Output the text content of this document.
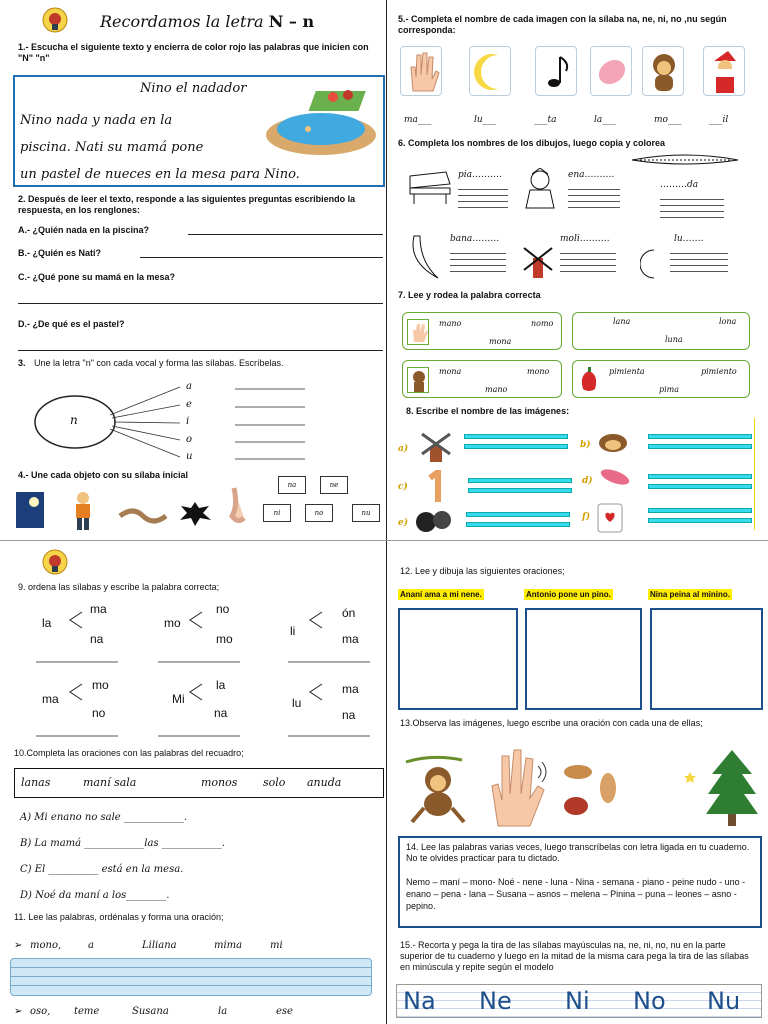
Recordamos la letra N – n
1.- Escucha el siguiente texto y encierra de color rojo las palabras que inicien con "N" "n"
Nino el nadador
Nino nada y nada en la
piscina. Nati su mamá pone
un pastel de nueces en la mesa para Nino.
2. Después de leer el texto, responde a las siguientes preguntas escribiendo la respuesta, en los renglones:
A.- ¿Quién nada en la piscina?
B.- ¿Quién es Nati?
C.- ¿Qué pone su mamá en la mesa?
D.- ¿De qué es el pastel?
3. Une la letra "n" con cada vocal y forma las sílabas. Escríbelas.
n
a
e
i
o
u
4.- Une cada objeto con su sílaba inicial
na	ne
ni	no	nu
5.- Completa el nombre de cada imagen con la sílaba na, ne, ni, no ,nu según corresponda:
ma___	lu___	___ta	la___	mo___	___il
6. Completa los nombres de los dibujos, luego copia y colorea
pia……….	ena……….
………da
bana………	moli……….	lu…….
7. Lee y rodea la palabra correcta
mano	nomo
mona
lana	lona
luna
mona	mono
mano
pimienta	pimiento
pima
8. Escribe el nombre de las imágenes:
a)	b)
c)
d)
e)
f)
9. ordena las sílabas y escribe la palabra correcta;
la
ma
na
mo
no
mo
li
ón
ma
ma
mo
no
Mi
la
na
lu
ma
na
10.Completa las oraciones con las palabras del recuadro;
lanas	maní sala	monos solo anuda
A) Mi enano no sale ____________.
B) La mamá ____________las ____________.
C) El __________ está en la mesa.
D) Noé da maní a los________.
11. Lee las palabras, ordénalas y forma una oración;
➢ mono,	a	Liliana	mima	mi
➢ oso, teme	Susana	la	ese
12. Lee y dibuja las siguientes oraciones;
Ananí ama a mi nene.	Antonio pone un pino.	Nina peina al minino.
13.Observa las imágenes, luego escribe una oración con cada una de ellas;
14. Lee las palabras varias veces, luego transcríbelas con letra ligada en tu cuaderno. No te olvides practicar para tu dictado.
Nemo – maní – mono- Noé - nene - luna - Nina - semana - piano - peine nudo - uno - enano – pena - lana – Susana – asnos – melena – Pinina – puna – leones – asno - pepino.
15.- Recorta y pega la tira de las sílabas mayúsculas na, ne, ni, no, nu en la parte superior de tu cuaderno y luego en la mitad de la misma cara pega la tira de las sílabas en minúscula y repite según el modelo
Na Ne Ni No Nu
